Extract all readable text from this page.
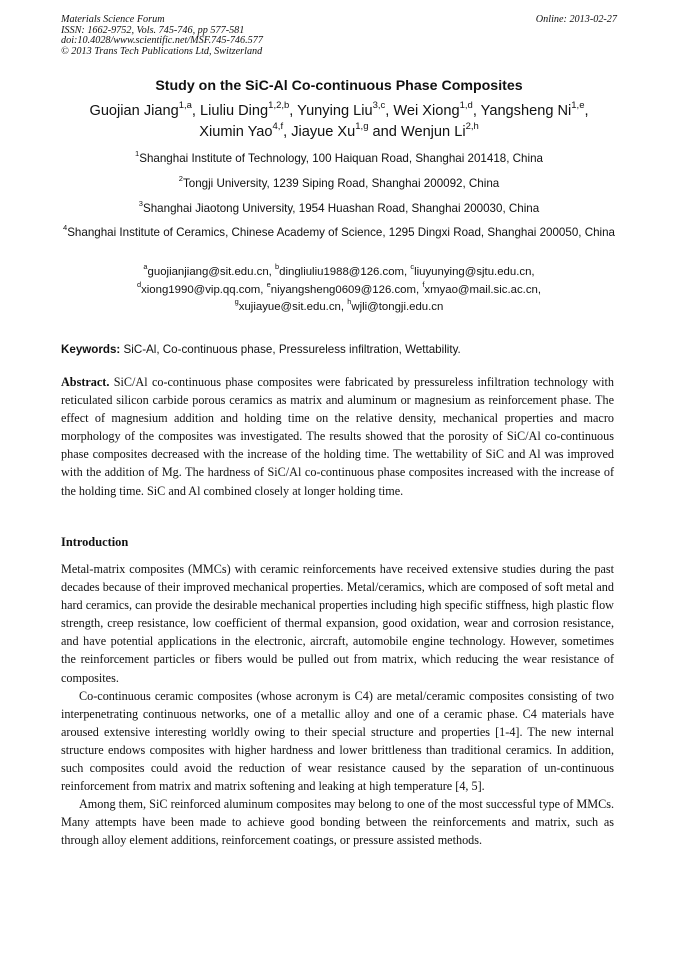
Materials Science Forum	Online: 2013-02-27
ISSN: 1662-9752, Vols. 745-746, pp 577-581
doi:10.4028/www.scientific.net/MSF.745-746.577
© 2013 Trans Tech Publications Ltd, Switzerland
Study on the SiC-Al Co-continuous Phase Composites
Guojian Jiang$^{1,a}$, Liuliu Ding$^{1,2,b}$, Yunying Liu$^{3,c}$, Wei Xiong$^{1,d}$, Yangsheng Ni$^{1,e}$,
Xiumin Yao$^{4,f}$, Jiayue Xu$^{1,g}$ and Wenjun Li$^{2,h}$
$^1$Shanghai Institute of Technology, 100 Haiquan Road, Shanghai 201418, China
$^2$Tongji University, 1239 Siping Road, Shanghai 200092, China
$^3$Shanghai Jiaotong University, 1954 Huashan Road, Shanghai 200030, China
$^4$Shanghai Institute of Ceramics, Chinese Academy of Science, 1295 Dingxi Road, Shanghai 200050, China
$^a$guojianjiang@sit.edu.cn, $^b$dingliuliu1988@126.com, $^c$liuyunying@sjtu.edu.cn,
$^d$xiong1990@vip.qq.com, $^e$niyangsheng0609@126.com, $^f$xmyao@mail.sic.ac.cn,
$^g$xujiayue@sit.edu.cn, $^h$wjli@tongji.edu.cn
Keywords: SiC-Al, Co-continuous phase, Pressureless infiltration, Wettability.
Abstract. SiC/Al co-continuous phase composites were fabricated by pressureless infiltration technology with reticulated silicon carbide porous ceramics as matrix and aluminum or magnesium as reinforcement phase. The effect of magnesium addition and holding time on the relative density, mechanical properties and macro morphology of the composites was investigated. The results showed that the porosity of SiC/Al co-continuous phase composites decreased with the increase of the holding time. The wettability of SiC and Al was improved with the addition of Mg. The hardness of SiC/Al co-continuous phase composites increased with the increase of the holding time. SiC and Al combined closely at longer holding time.
Introduction

Metal-matrix composites (MMCs) with ceramic reinforcements have received extensive studies during the past decades because of their improved mechanical properties. Metal/ceramics, which are composed of soft metal and hard ceramics, can provide the desirable mechanical properties including high specific stiffness, high plastic flow strength, creep resistance, low coefficient of thermal expansion, good oxidation, wear and corrosion resistance, and have potential applications in the electronic, aircraft, automobile engine technology. However, sometimes the reinforcement particles or fibers would be pulled out from matrix, which reducing the wear resistance of composites.

Co-continuous ceramic composites (whose acronym is C4) are metal/ceramic composites consisting of two interpenetrating continuous networks, one of a metallic alloy and one of a ceramic phase. C4 materials have aroused extensive interesting worldly owing to their special structure and properties [1-4]. The new internal structure endows composites with higher hardness and lower brittleness than traditional ceramics. In addition, such composites could avoid the reduction of wear resistance caused by the separation of un-continuous reinforcement from matrix and matrix softening and leaking at high temperature [4, 5].

Among them, SiC reinforced aluminum composites may belong to one of the most successful type of MMCs. Many attempts have been made to achieve good bonding between the reinforcements and matrix, such as through alloy element additions, reinforcement coatings, or pressure assisted methods.
